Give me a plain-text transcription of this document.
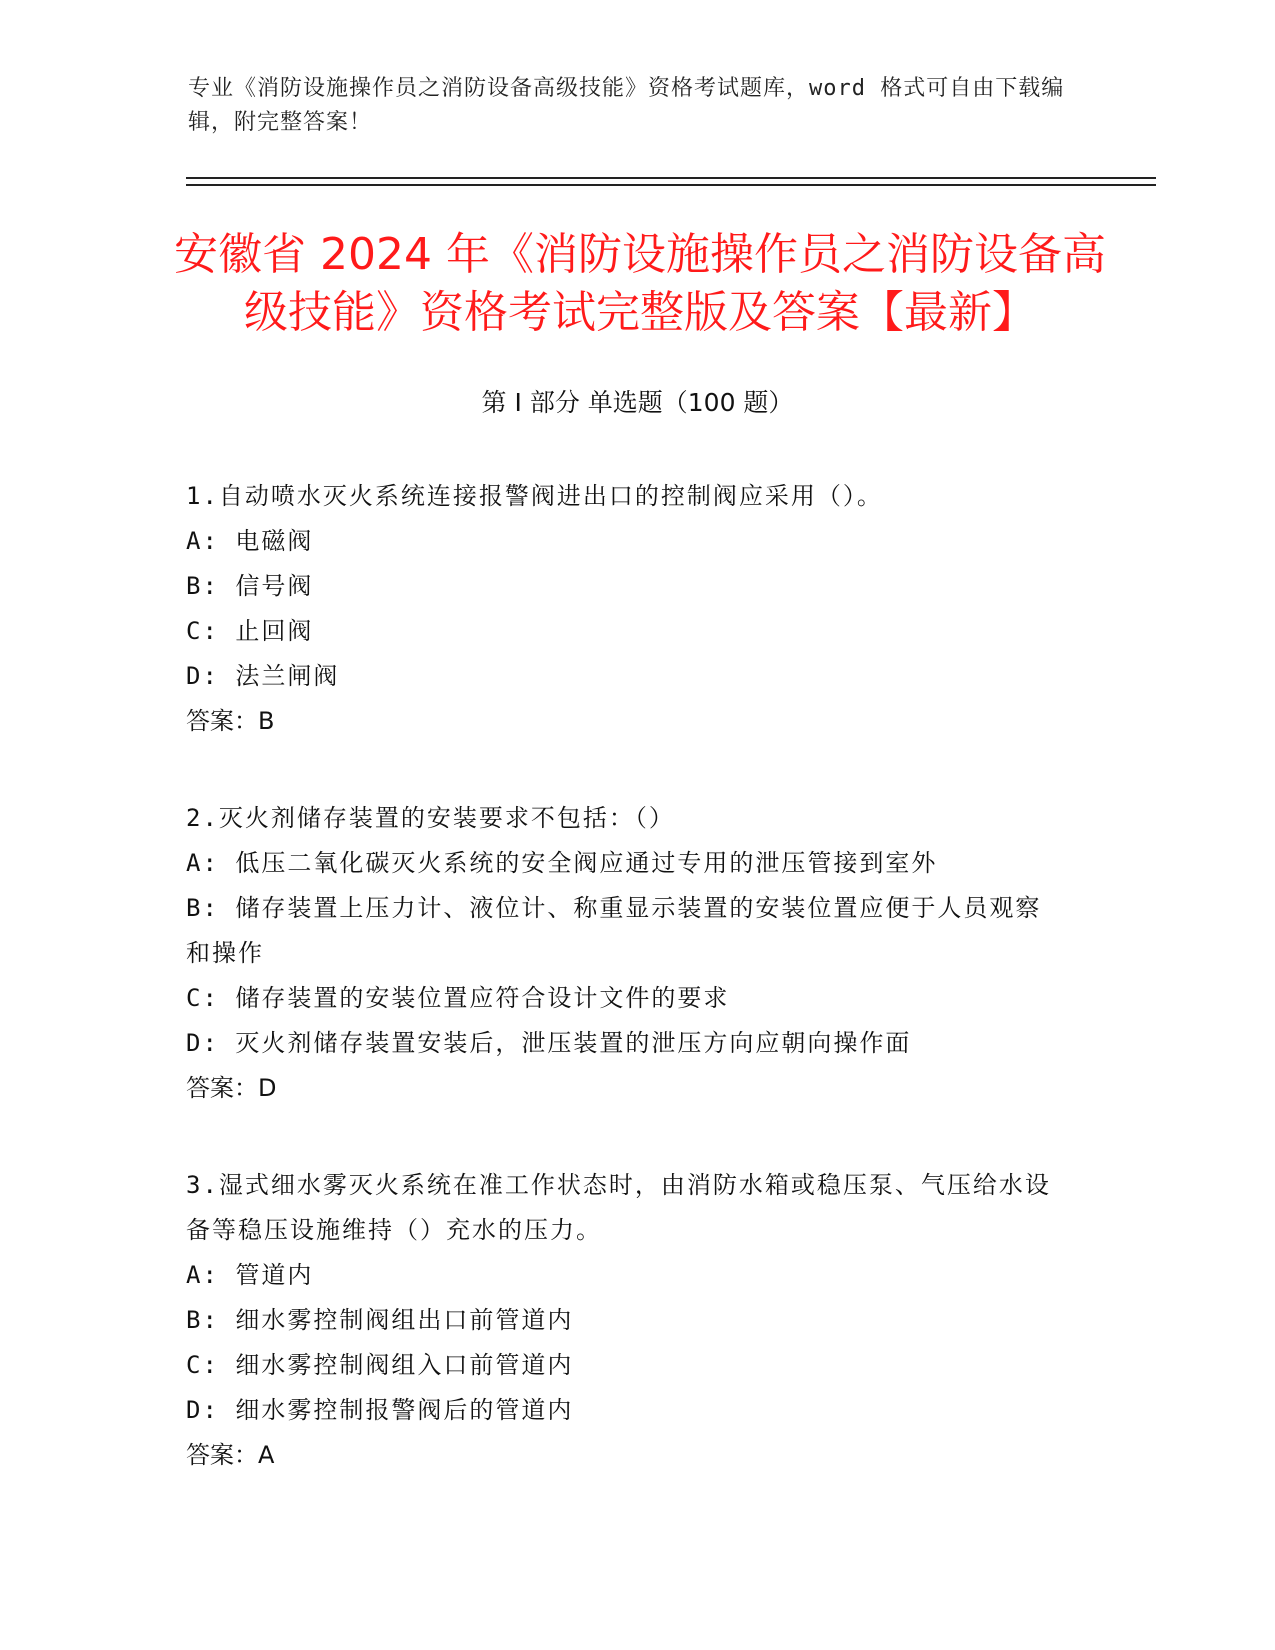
专业《消防设施操作员之消防设备高级技能》资格考试题库，word 格式可自由下载编辑，附完整答案！
安徽省 2024 年《消防设施操作员之消防设备高级技能》资格考试完整版及答案【最新】
第 I 部分 单选题（100 题）
1.自动喷水灭火系统连接报警阀进出口的控制阀应采用（）。
A: 电磁阀
B: 信号阀
C: 止回阀
D: 法兰闸阀
答案：B
2.灭火剂储存装置的安装要求不包括：（）
A: 低压二氧化碳灭火系统的安全阀应通过专用的泄压管接到室外
B: 储存装置上压力计、液位计、称重显示装置的安装位置应便于人员观察和操作
C: 储存装置的安装位置应符合设计文件的要求
D: 灭火剂储存装置安装后，泄压装置的泄压方向应朝向操作面
答案：D
3.湿式细水雾灭火系统在准工作状态时，由消防水箱或稳压泵、气压给水设备等稳压设施维持（）充水的压力。
A: 管道内
B: 细水雾控制阀组出口前管道内
C: 细水雾控制阀组入口前管道内
D: 细水雾控制报警阀后的管道内
答案：A
